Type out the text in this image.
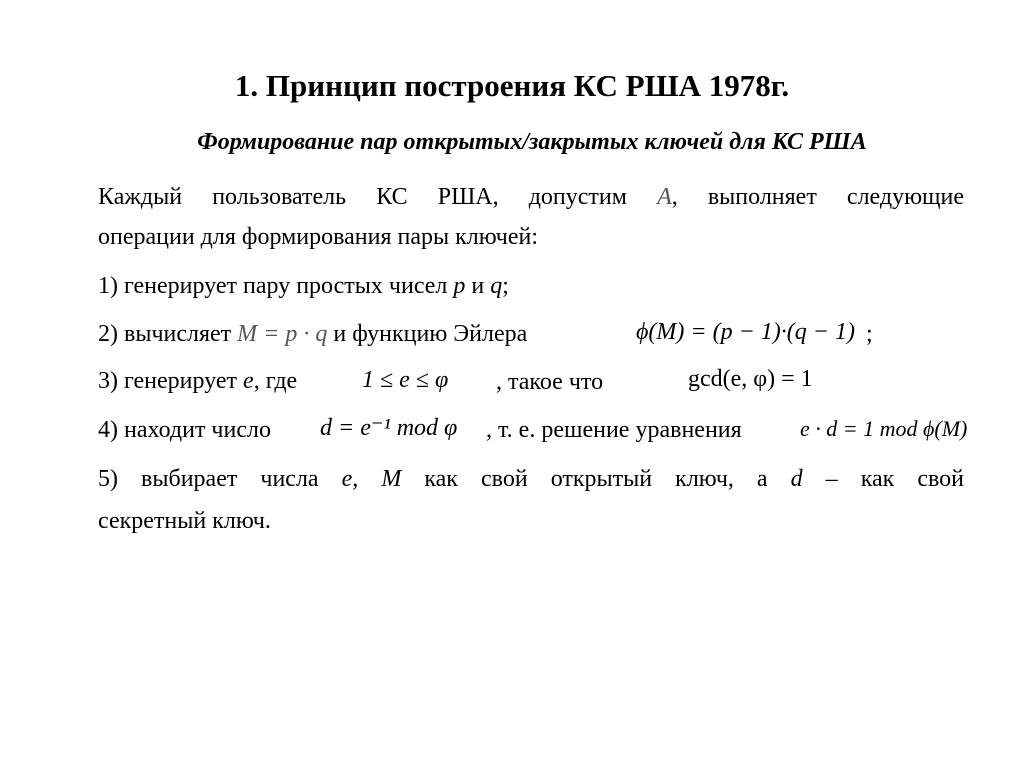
1. Принцип построения КС РША 1978г.
Формирование пар открытых/закрытых ключей для КС РША
Каждый пользователь КС РША, допустим A, выполняет следующие
операции для формирования пары ключей:
1) генерирует пару простых чисел p и q;
2) вычисляет M = p · q и функцию Эйлера	ϕ(M) = (p − 1)·(q − 1) ;
3) генерирует e, где	1 ≤ e ≤ φ , такое что	gcd(e, φ) = 1
4) находит число d = e⁻¹ mod φ , т. е. решение уравнения	e · d = 1 mod ϕ(M)
5) выбирает числа e, M как свой открытый ключ, а d – как свой
секретный ключ.
